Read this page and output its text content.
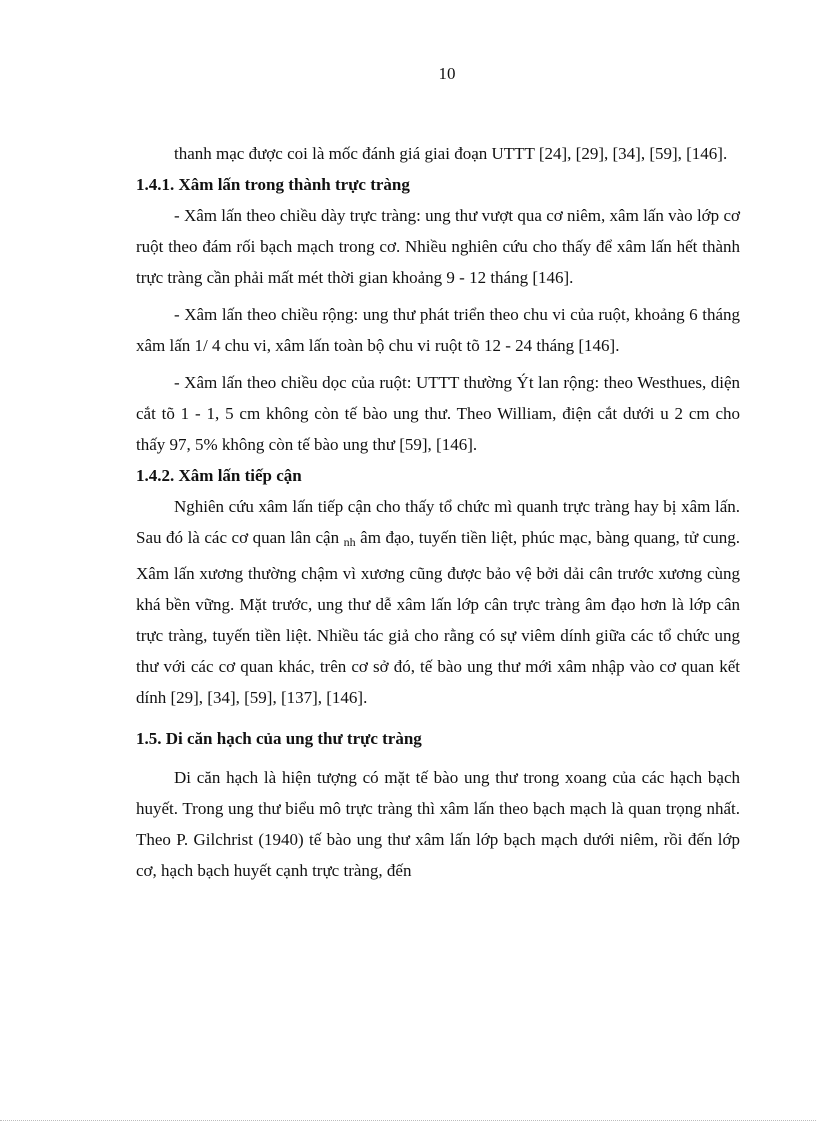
10

thanh mạc được coi là mốc đánh giá giai đoạn UTTT [24], [29], [34], [59], [146].

1.4.1. Xâm lấn trong thành trực tràng

- Xâm lấn theo chiều dày trực tràng: ung thư vượt qua cơ niêm, xâm lấn vào lớp cơ ruột theo đám rối bạch mạch trong cơ. Nhiều nghiên cứu cho thấy để xâm lấn hết thành trực tràng cần phải mất mét thời gian khoảng 9 - 12 tháng [146].

- Xâm lấn theo chiều rộng: ung thư phát triển theo chu vi của ruột, khoảng 6 tháng xâm lấn 1/ 4 chu vi, xâm lấn toàn bộ chu vi ruột tõ 12 - 24 tháng [146].

- Xâm lấn theo chiều dọc của ruột: UTTT thường Ýt lan rộng: theo Westhues, diện cắt tõ 1 - 1, 5 cm không còn tế bào ung thư. Theo William, điện cắt dưới u 2 cm cho thấy 97, 5% không còn tế bào ung thư [59], [146].

1.4.2. Xâm lấn tiếp cận

Nghiên cứu xâm lấn tiếp cận cho thấy tổ chức mì quanh trực tràng hay bị xâm lấn. Sau đó là các cơ quan lân cận nh âm đạo, tuyến tiền liệt, phúc mạc, bàng quang, tử cung. Xâm lấn xương thường chậm vì xương cũng được bảo vệ bởi dải cân trước xương cùng khá bền vững. Mặt trước, ung thư dễ xâm lấn lớp cân trực tràng âm đạo hơn là lớp cân trực tràng, tuyến tiền liệt. Nhiều tác giả cho rằng có sự viêm dính giữa các tổ chức ung thư với các cơ quan khác, trên cơ sở đó, tế bào ung thư mới xâm nhập vào cơ quan kết dính [29], [34], [59], [137], [146].

1.5. Di căn hạch của ung thư trực tràng

Di căn hạch là hiện tượng có mặt tế bào ung thư trong xoang của các hạch bạch huyết. Trong ung thư biểu mô trực tràng thì xâm lấn theo bạch mạch là quan trọng nhất. Theo P. Gilchrist (1940) tế bào ung thư xâm lấn lớp bạch mạch dưới niêm, rồi đến lớp cơ, hạch bạch huyết cạnh trực tràng, đến
